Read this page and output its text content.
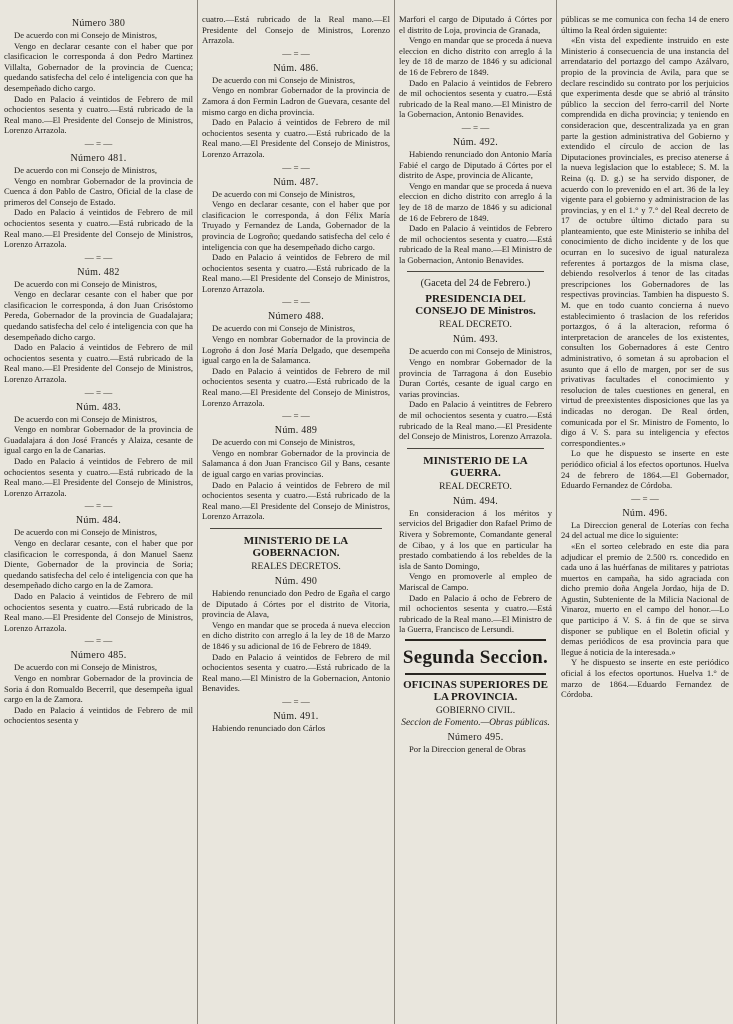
Número 380

De acuerdo con mi Consejo de Ministros,

Vengo en declarar cesante con el haber que por clasificacion le corresponda á don Pedro Martinez Villalta, Gobernador de la provincia de Cuenca; quedando satisfecha del celo é inteligencia con que ha desempeñado dicho cargo.

Dado en Palacio á veintidos de Febrero de mil ochocientos sesenta y cuatro.—Está rubricado de la Real mano.—El Presidente del Consejo de Ministros, Lorenzo Arrazola.

— = —
Número 481.

De acuerdo con mi Consejo de Ministros,

Vengo en nombrar Gobernador de la provincia de Cuenca á don Pablo de Castro, Oficial de la clase de primeros del Consejo de Estado.

Dado en Palacio á veintidos de Febrero de mil ochocientos sesenta y cuatro.—Está rubricado de la Real mano.—El Presidente del Consejo de Ministros, Lorenzo Arrazola.

— = —
Núm. 482

De acuerdo con mi Consejo de Ministros,

Vengo en declarar cesante con el haber que por clasificacion le corresponda, á don Juan Crisóstomo Pereda, Gobernador de la provincia de Guadalajara; quedando satisfecha del celo é inteligencia con que ha desempeñado dicho cargo.

Dado en Palacio á veintidos de Febrero de mil ochocientos sesenta y cuatro.—Está rubricado de la Real mano.—El Presidente del Consejo de Ministros, Lorenzo Arrazola.

— = —
Núm. 483.

De acuerdo con mi Consejo de Ministros,

Vengo en nombrar Gobernador de la provincia de Guadalajara á don José Francés y Alaiza, cesante de igual cargo en la de Canarias.

Dado en Palacio á veintidos de Febrero de mil ochocientos sesenta y cuatro.—Está rubricado de la Real mano.—El Presidente del Consejo de Ministros, Lorenzo Arrazola.

— = —
Núm. 484.

De acuerdo con mi Consejo de Ministros,

Vengo en declarar cesante, con el haber que por clasificacion le corresponda, á don Manuel Saenz Diente, Gobernador de la provincia de Soria; quedando satisfecha del celo é inteligencia con que ha desempeñado dicho cargo en la de Zamora.

Dado en Palacio á veintidos de Febrero de mil ochocientos sesenta y cuatro.—Está rubricado de la Real mano.—El Presidente del Consejo de Ministros, Lorenzo Arrazola.

— = —
Número 485.

De acuerdo con mi Consejo de Ministros,

Vengo en nombrar Gobernador de la provincia de Soria á don Romualdo Becerril, que desempeña igual cargo en la de Zamora.

Dado en Palacio á veintidos de Febrero de mil ochocientos sesenta y

cuatro.—Está rubricado de la Real mano.—El Presidente del Consejo de Ministros, Lorenzo Arrazola.

— = —
Núm. 486.

De acuerdo con mi Consejo de Ministros,

Vengo en nombrar Gobernador de la provincia de Zamora á don Fermin Ladron de Guevara, cesante del mismo cargo en dicha provincia.

Dado en Palacio á veintidos de Febrero de mil ochocientos sesenta y cuatro.—Está rubricado de la Real mano.—El Presidente del Consejo de Ministros, Lorenzo Arrazola.

— = —
Núm. 487.

De acuerdo con mi Consejo de Ministros,

Vengo en declarar cesante, con el haber que por clasificacion le corresponda, á don Félix María Truyado y Fernandez de Landa, Gobernador de la provincia de Logroño; quedando satisfecha del celo é inteligencia con que ha desempeñado dicho cargo.

Dado en Palacio á veintidos de Febrero de mil ochocientos sesenta y cuatro.—Está rubricado de la Real mano.—El Presidente del Consejo de Ministros, Lorenzo Arrazola.

— = —
Número 488.

De acuerdo con mi Consejo de Ministros,

Vengo en nombrar Gobernador de la provincia de Logroño á don José María Delgado, que desempeña igual cargo en la de Salamanca.

Dado en Palacio á veintidos de Febrero de mil ochocientos sesenta y cuatro.—Está rubricado de la Real mano.—El Presidente del Consejo de Ministros, Lorenzo Arrazola.

— = —
Núm. 489

De acuerdo con mi Consejo de Ministros,

Vengo en nombrar Gobernador de la provincia de Salamanca á don Juan Francisco Gil y Bans, cesante de igual cargo en varias provincias.

Dado en Palacio á veintidos de Febrero de mil ochocientos sesenta y cuatro.—Está rubricado de la Real mano.—El Presidente del Consejo de Ministros, Lorenzo Arrazola.

MINISTERIO DE LA GOBERNACION.
REALES DECRETOS.
Núm. 490

Habiendo renunciado don Pedro de Egaña el cargo de Diputado á Córtes por el distrito de Vitoria, provincia de Alava,

Vengo en mandar que se proceda á nueva eleccion en dicho distrito con arreglo á la ley de 18 de Marzo de 1846 y su adicional de 16 de Febrero de 1849.

Dado en Palacio á veintidos de Febrero de mil ochocientos sesenta y cuatro.—Está rubricado de la Real mano.—El Ministro de la Gobernacion, Antonio Benavides.

— = —
Núm. 491.

Habiendo renunciado don Cárlos

Marfori el cargo de Diputado á Córtes por el distrito de Loja, provincia de Granada,

Vengo en mandar que se proceda á nueva eleccion en dicho distrito con arreglo á la ley de 18 de marzo de 1846 y su adicional de 16 de Febrero de 1849.

Dado en Palacio á veintidos de Febrero de mil ochocientos sesenta y cuatro.—Está rubricado de la Real mano.—El Ministro de la Gobernacion, Antonio Benavides.

— = —
Núm. 492.

Habiendo renunciado don Antonio María Fabié el cargo de Diputado á Córtes por el distrito de Aspe, provincia de Alicante,

Vengo en mandar que se proceda á nueva eleccion en dicho distrito con arreglo á la ley de 18 de marzo de 1846 y su adicional de 16 de Febrero de 1849.

Dado en Palacio á veintidos de Febrero de mil ochocientos sesenta y cuatro.—Está rubricado de la Real mano.—El Ministro de la Gobernacion, Antonio Benavides.

(Gaceta del 24 de Febrero.)
PRESIDENCIA DEL CONSEJO DE Ministros.
REAL DECRETO.
Núm. 493.

De acuerdo con mi Consejo de Ministros,

Vengo en nombrar Gobernador de la provincia de Tarragona á don Eusebio Duran Cortés, cesante de igual cargo en varias provincias.

Dado en Palacio á veintitres de Febrero de mil ochocientos sesenta y cuatro.—Está rubricado de la Real mano.—El Presidente del Consejo de Ministros, Lorenzo Arrazola.

MINISTERIO DE LA GUERRA.
REAL DECRETO.
Núm. 494.

En consideracion á los méritos y servicios del Brigadier don Rafael Primo de Rivera y Sobremonte, Comandante general de Cibao, y á los que en particular ha prestado combatiendo á los rebeldes de la isla de Santo Domingo,

Vengo en promoverle al empleo de Mariscal de Campo.

Dado en Palacio á ocho de Febrero de mil ochocientos sesenta y cuatro.—Está rubricado de la Real mano.—El Ministro de la Guerra, Francisco de Lersundi.

Segunda Seccion.
OFICINAS SUPERIORES DE LA PROVINCIA.
GOBIERNO CIVIL.
Seccion de Fomento.—Obras públicas.
Número 495.

Por la Direccion general de Obras

públicas se me comunica con fecha 14 de enero último la Real órden siguiente:

«En vista del expediente instruido en este Ministerio á consecuencia de una instancia del arrendatario del portazgo del campo Azálvaro, propio de la provincia de Avila, para que se declare rescindido su contrato por los perjuicios que experimenta desde que se abrió al tránsito público la seccion del ferro-carril del Norte comprendida en dicha provincia; y teniendo en consideracion que, descentralizada ya en gran parte la gestion administrativa del Gobierno y extendido el círculo de accion de las Diputaciones provinciales, es preciso atenerse á la nueva legislacion que lo establece; S. M. la Reina (q. D. g.) se ha servido disponer, de acuerdo con lo prevenido en el art. 36 de la ley vigente para el gobierno y administracion de las provincias, y en el 1.° y 7.° del Real decreto de 17 de octubre último dictado para su planteamiento, que este Ministerio se inhiba del conocimiento de dicho incidente y de los que ocurran en lo sucesivo de igual naturaleza referentes á portazgos de la misma clase, debiendo resolverlos á tenor de las citadas prescripciones los Gobernadores de las respectivas provincias. Tambien ha dispuesto S. M. que en todo cuanto concierna á nuevo establecimiento ó traslacion de los referidos portazgos, ó á la alteracion, reforma ó interpretacion de aranceles de los existentes, consulten los Gobernadores á este Centro administrativo, ó sometan á su aprobacion el asunto que á ello de margen, por ser de sus privativas facultades el conocimiento y resolucion de tales cuestiones en general, en virtud de preexistentes disposiciones que las ya indicadas no derogan. De Real órden, comunicada por el Sr. Ministro de Fomento, lo digo á V. S. para su inteligencia y efectos correspondientes.»

Lo que he dispuesto se inserte en este periódico oficial á los efectos oportunos. Huelva 24 de febrero de 1864.—El Gobernador, Eduardo Fernandez de Córdoba.

— = —
Núm. 496.

La Direccion general de Loterías con fecha 24 del actual me dice lo siguiente:

«En el sorteo celebrado en este dia para adjudicar el premio de 2.500 rs. concedido en cada uno á las huérfanas de militares y patriotas muertos en campaña, ha sido agraciada con dicho premio doña Angela Jordao, hija de D. Agustin, Subteniente de la Milicia Nacional de Vinaroz, muerto en el campo del honor.—Lo que participo á V. S. á fin de que se sirva disponer se publique en el Boletin oficial y demas periódicos de esa provincia para que llegue á noticia de la interesada.»

Y he dispuesto se inserte en este periódico oficial á los efectos oportunos. Huelva 1.° de marzo de 1864.—Eduardo Fernandez de Córdoba.
